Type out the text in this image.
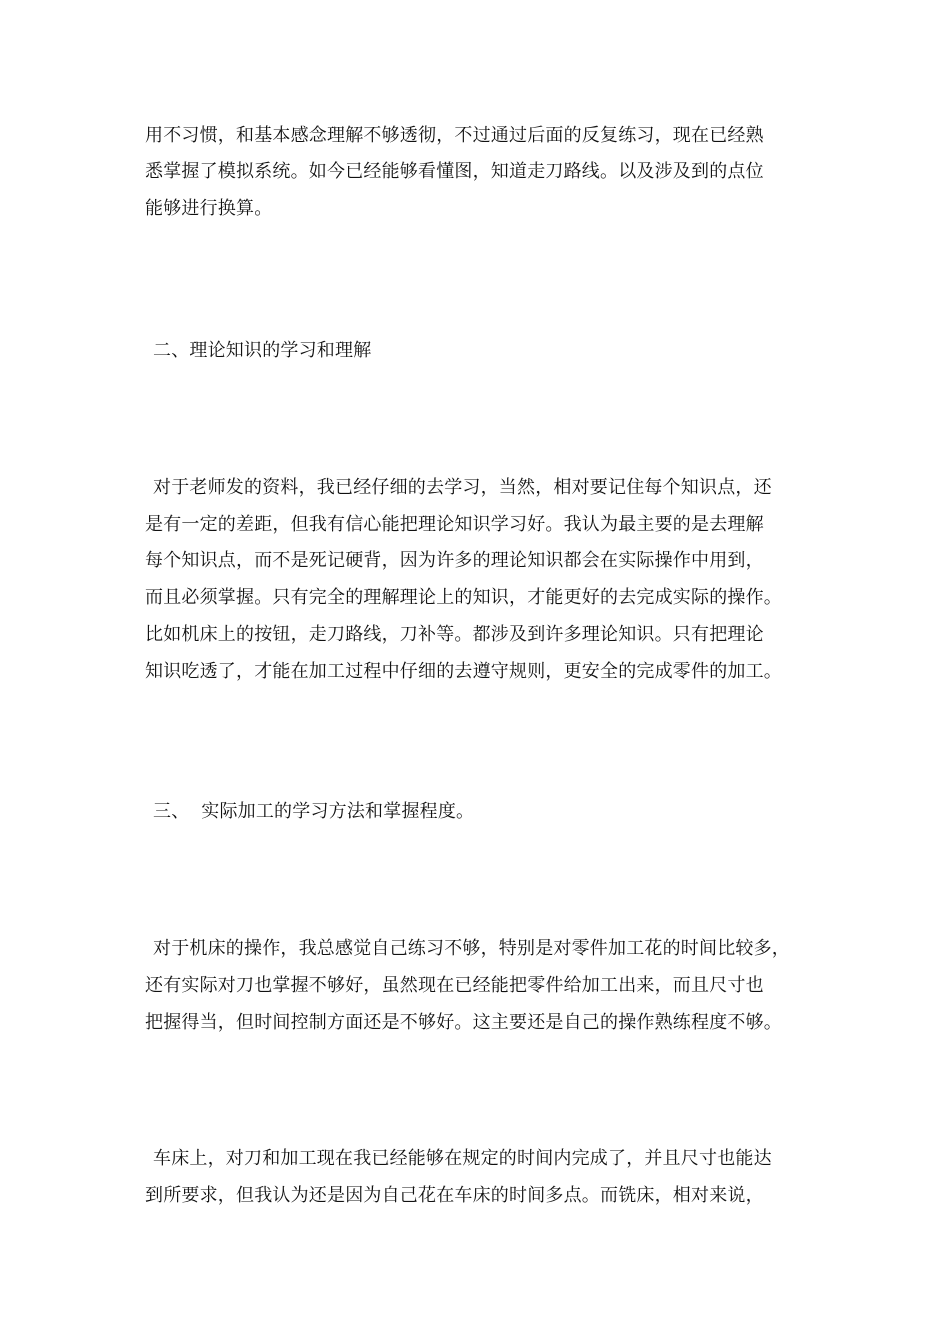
用不习惯，和基本感念理解不够透彻，不过通过后面的反复练习，现在已经熟
悉掌握了模拟系统。如今已经能够看懂图，知道走刀路线。以及涉及到的点位
能够进行换算。
二、理论知识的学习和理解
对于老师发的资料，我已经仔细的去学习，当然，相对要记住每个知识点，还
是有一定的差距，但我有信心能把理论知识学习好。我认为最主要的是去理解
每个知识点，而不是死记硬背，因为许多的理论知识都会在实际操作中用到，
而且必须掌握。只有完全的理解理论上的知识，才能更好的去完成实际的操作。
比如机床上的按钮，走刀路线，刀补等。都涉及到许多理论知识。只有把理论
知识吃透了，才能在加工过程中仔细的去遵守规则，更安全的完成零件的加工。
三、  实际加工的学习方法和掌握程度。
对于机床的操作，我总感觉自己练习不够，特别是对零件加工花的时间比较多，
还有实际对刀也掌握不够好，虽然现在已经能把零件给加工出来，而且尺寸也
把握得当，但时间控制方面还是不够好。这主要还是自己的操作熟练程度不够。
车床上，对刀和加工现在我已经能够在规定的时间内完成了，并且尺寸也能达
到所要求，但我认为还是因为自己花在车床的时间多点。而铣床，相对来说，
